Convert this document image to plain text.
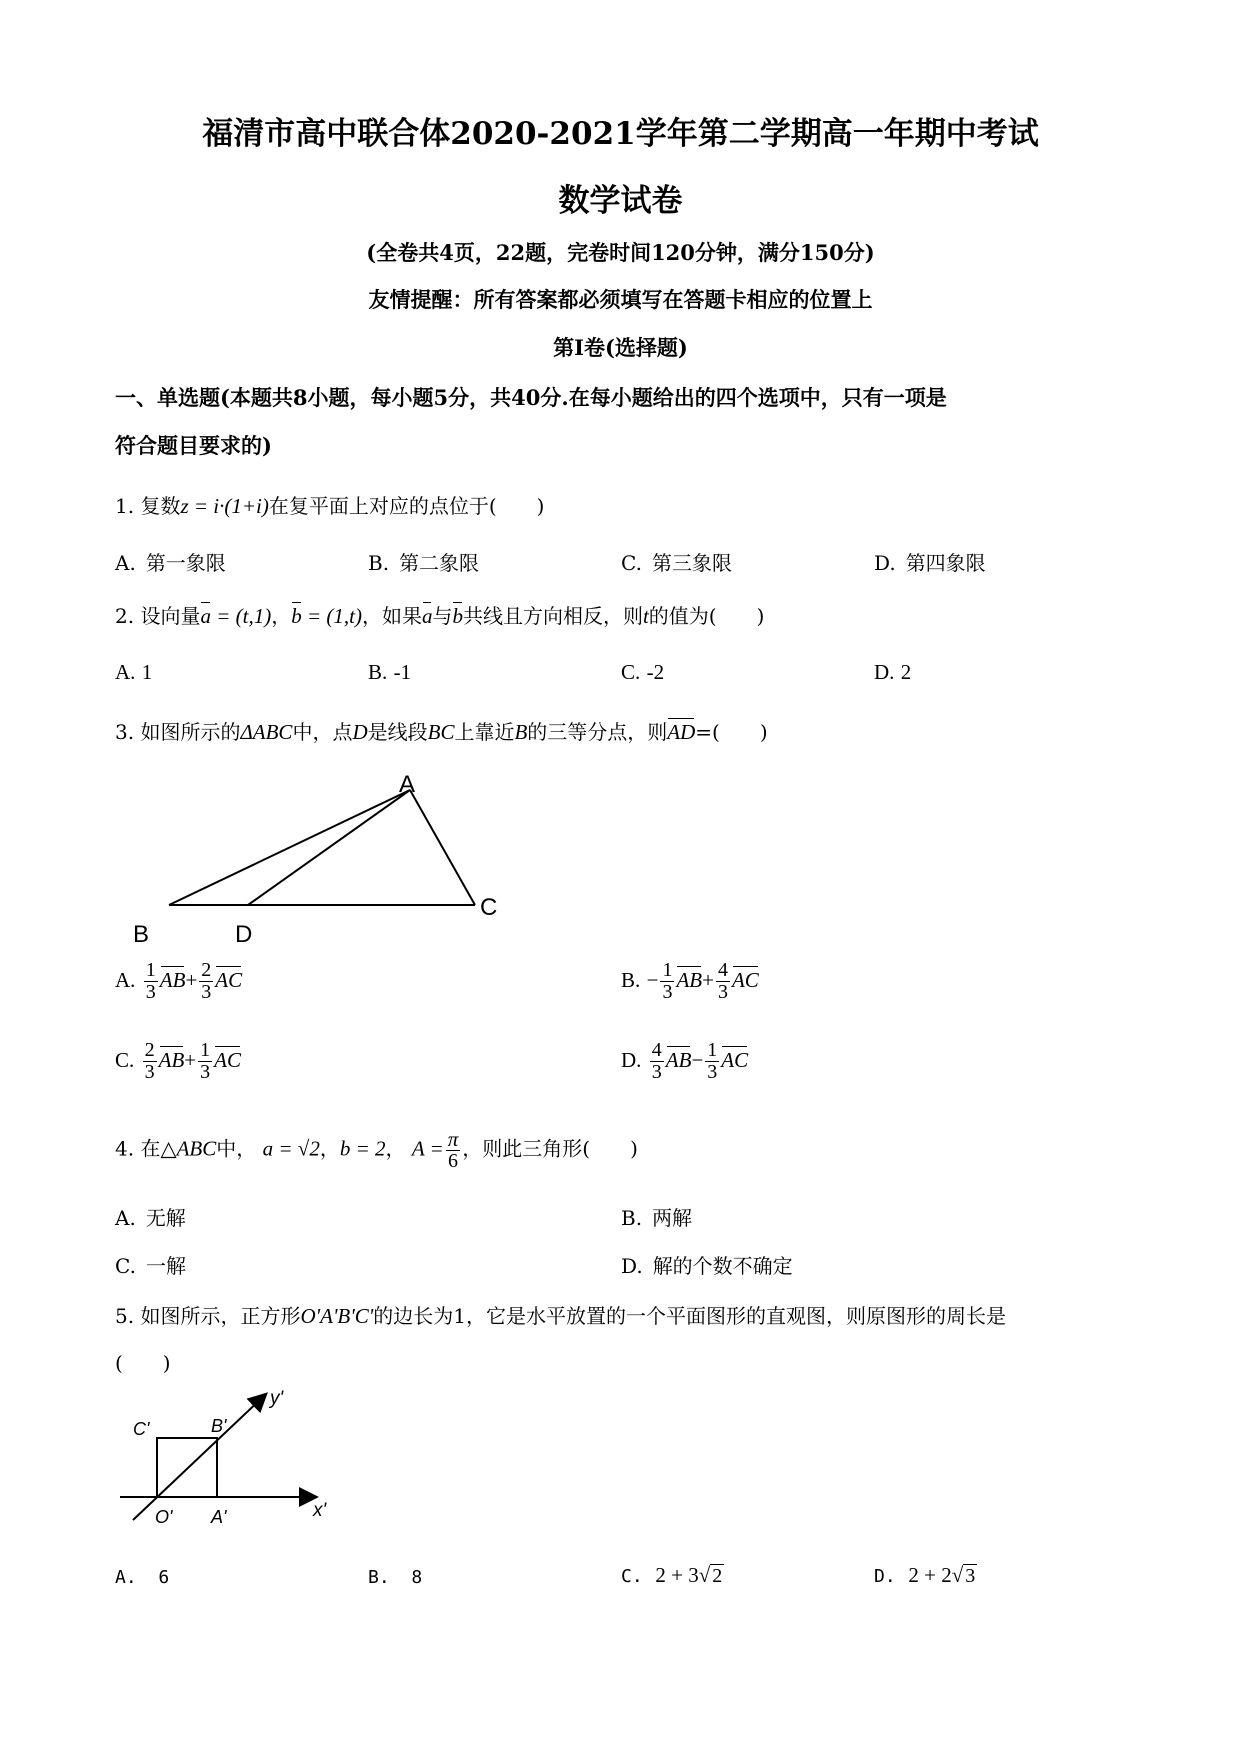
福清市高中联合体2020-2021学年第二学期高一年期中考试
数学试卷
(全卷共4页，22题，完卷时间120分钟，满分150分)
友情提醒：所有答案都必须填写在答题卡相应的位置上
第Ⅰ卷(选择题)
一、单选题(本题共8小题，每小题5分，共40分.在每小题给出的四个选项中，只有一项是
符合题目要求的)
1. 复数z = i·(1+i)在复平面上对应的点位于(　　)
A. 第一象限	B. 第二象限	C. 第三象限	D. 第四象限
2. 设向量a = (t,1)，b = (1,t)，如果a与b共线且方向相反，则t的值为(　　)
A. 1	B. -1	C. -2	D. 2
3. 如图所示的ΔABC中，点D是线段BC上靠近B的三等分点，则AD=(　　)
A
B	D
C
A. $\frac{1}{3} AB+ \frac{2}{3}$ AC	B. − $\frac{1}{3} AB+ \frac{4}{3}$ AC
C. $\frac{2}{3} AB+ \frac{1}{3}$ AC	D. $\frac{4}{3} AB- \frac{1}{3}$ AC
4. 在△ABC中， a = √2，b = 2， $A = \frac{\pi}{6}$ ，则此三角形(　　)
A. 无解	B. 两解
C. 一解	D. 解的个数不确定
5. 如图所示，正方形O'A'B'C'的边长为1，它是水平放置的一个平面图形的直观图，则原图形的周长是
(　　)
y'
C'	B'
O' A'	x'
A. 6	B. 8	C. 2 + 3√ 2	D. 2 + 2√ 3
